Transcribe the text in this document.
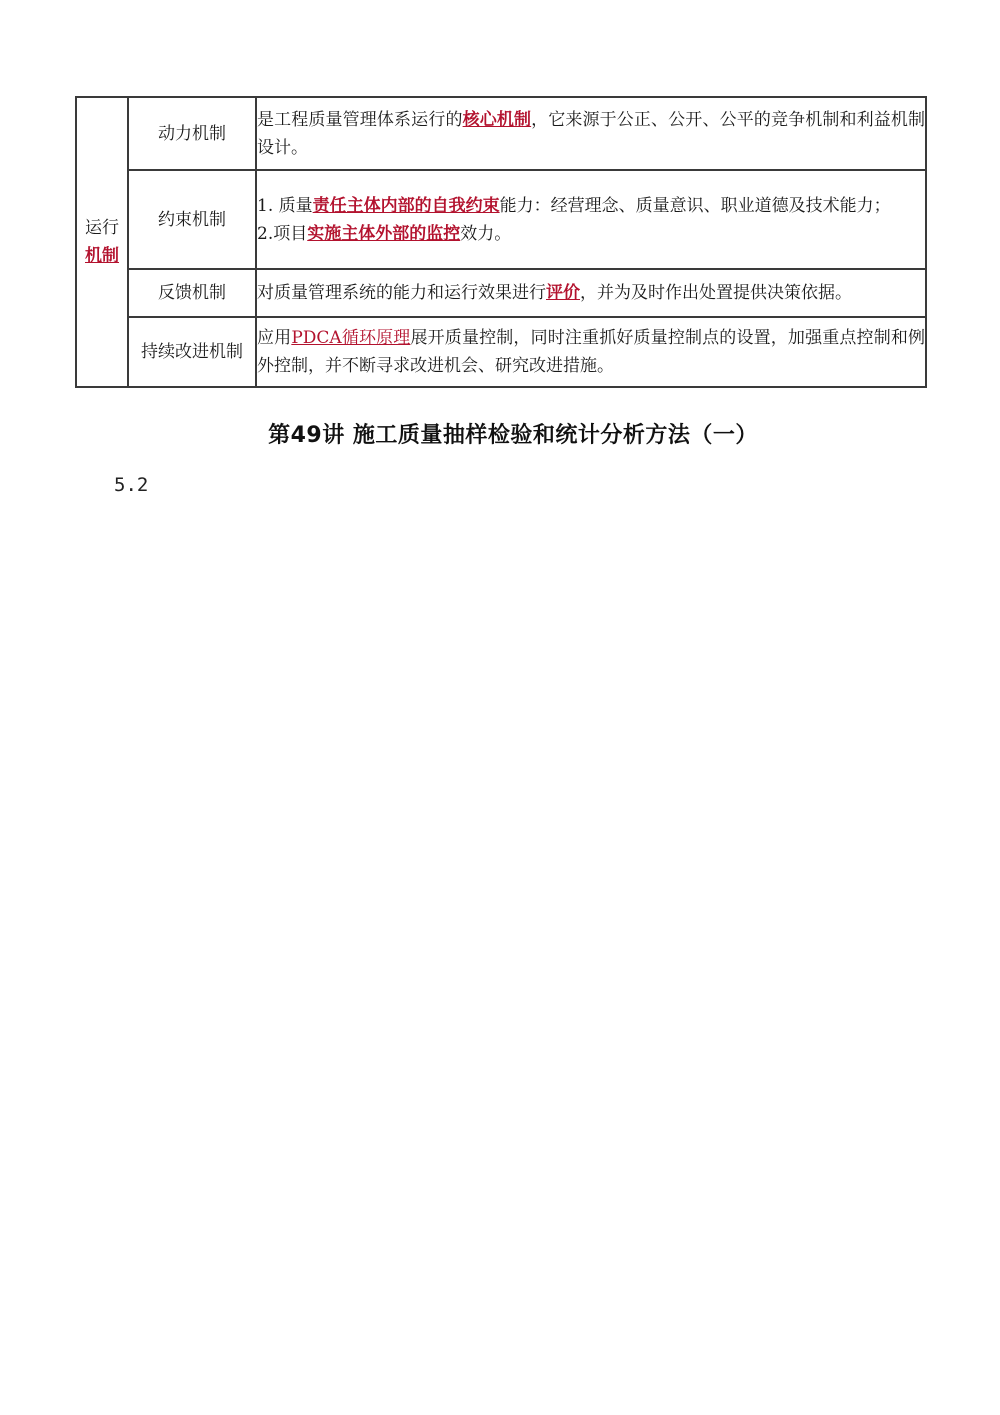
运行
机制	动力机制	是工程质量管理体系运行的核心机制，它来源于公正、公开、公平的竞争机制和利益机制设计。
	约束机制	1. 质量责任主体内部的自我约束能力：经营理念、质量意识、职业道德及技术能力；
2.项目实施主体外部的监控效力。

	反馈机制	对质量管理系统的能力和运行效果进行评价，并为及时作出处置提供决策依据。
	持续改进机制	应用PDCA循环原理展开质量控制，同时注重抓好质量控制点的设置，加强重点控制和例外控制，并不断寻求改进机会、研究改进措施。
第49讲 施工质量抽样检验和统计分析方法（一）
5.2
